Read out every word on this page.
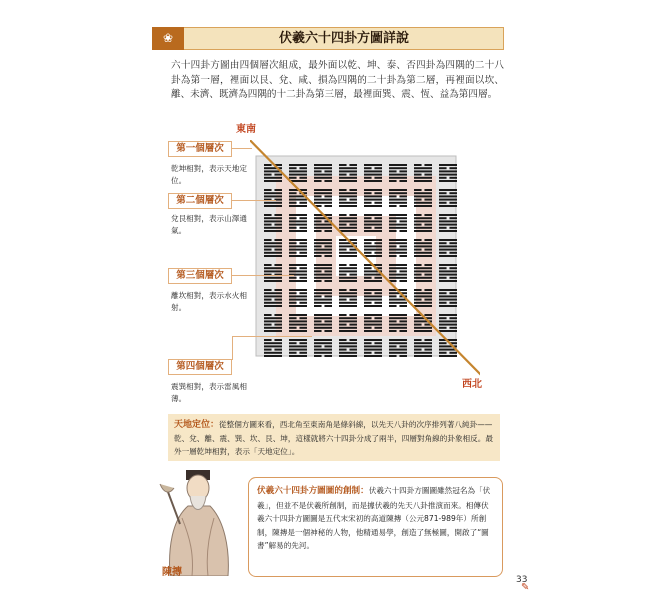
❀	伏羲六十四卦方圖詳說
六十四卦方圖由四個層次組成，最外面以乾、坤、泰、否四卦為四隅的二十八卦為第一層，裡面以艮、兌、咸、損為四隅的二十卦為第二層，再裡面以坎、離、未濟、既濟為四隅的十二卦為第三層，最裡面巽、震、恆、益為第四層。
東南
西北
第一個層次
乾坤相對，表示天地定位。
第二個層次
兌艮相對，表示山澤通氣。
第三個層次
離坎相對，表示水火相射。
第四個層次
震巽相對，表示雷風相薄。
天地定位：從整個方圖來看，西北角至東南角是條斜線，以先天八卦的次序排列著八純卦——乾、兌、離、震、巽、坎、艮、坤，這樣就將六十四卦分成了兩半，四層對角線的卦象相反。最外一層乾坤相對，表示「天地定位」。
陳摶
伏羲六十四卦方圖圖的創制：伏羲六十四卦方圖圖雖然冠名為「伏羲」，但並不是伏羲所創制，而是據伏羲的先天八卦推演而來。相傳伏羲六十四卦方圖圖是五代末宋初的高道陳摶（公元871-989年）所創制，陳摶是一個神秘的人物，他精通易學，創造了無極圖，開啟了“圖書”解易的先河。
33
✎
